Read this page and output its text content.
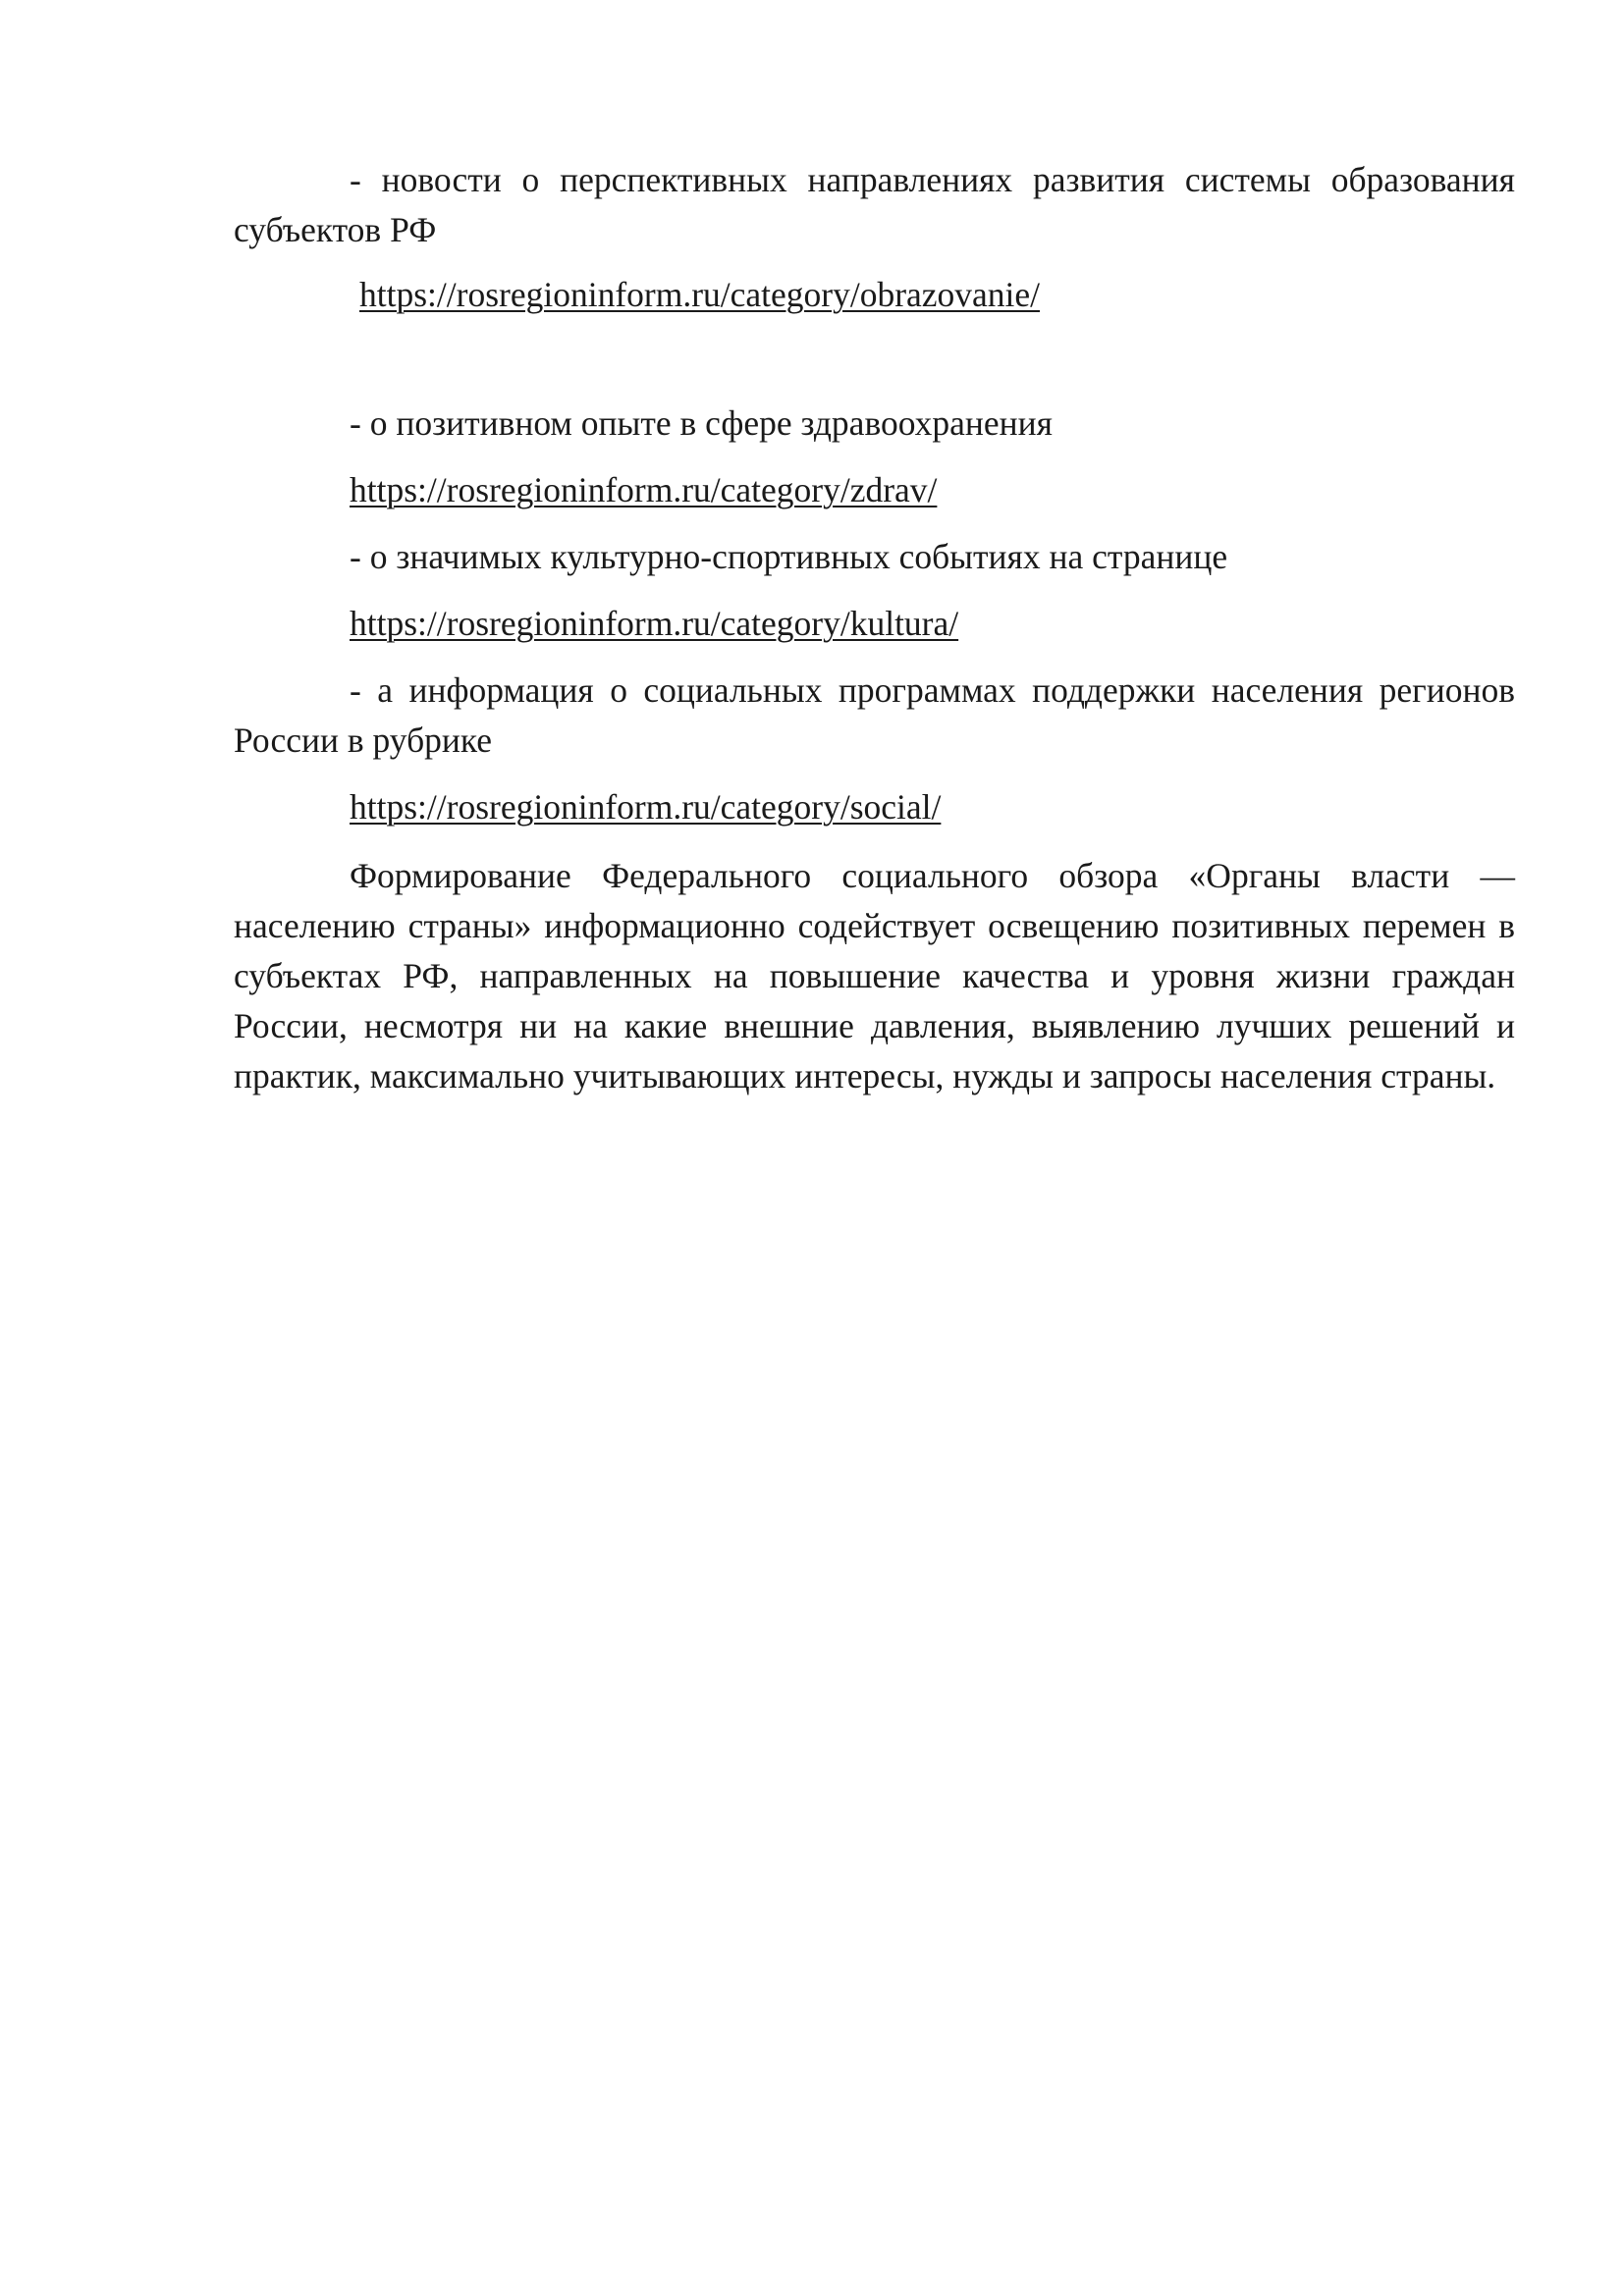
- новости о перспективных направлениях развития системы образования субъектов РФ

https://rosregioninform.ru/category/obrazovanie/

- о позитивном опыте в сфере здравоохранения

https://rosregioninform.ru/category/zdrav/

- о значимых культурно-спортивных событиях на странице

https://rosregioninform.ru/category/kultura/

- а информация о социальных программах поддержки населения регионов России в рубрике

https://rosregioninform.ru/category/social/

Формирование Федерального социального обзора «Органы власти — населению страны» информационно содействует освещению позитивных перемен в субъектах РФ, направленных на повышение качества и уровня жизни граждан России, несмотря ни на какие внешние давления, выявлению лучших решений и практик, максимально учитывающих интересы, нужды и запросы населения страны.
